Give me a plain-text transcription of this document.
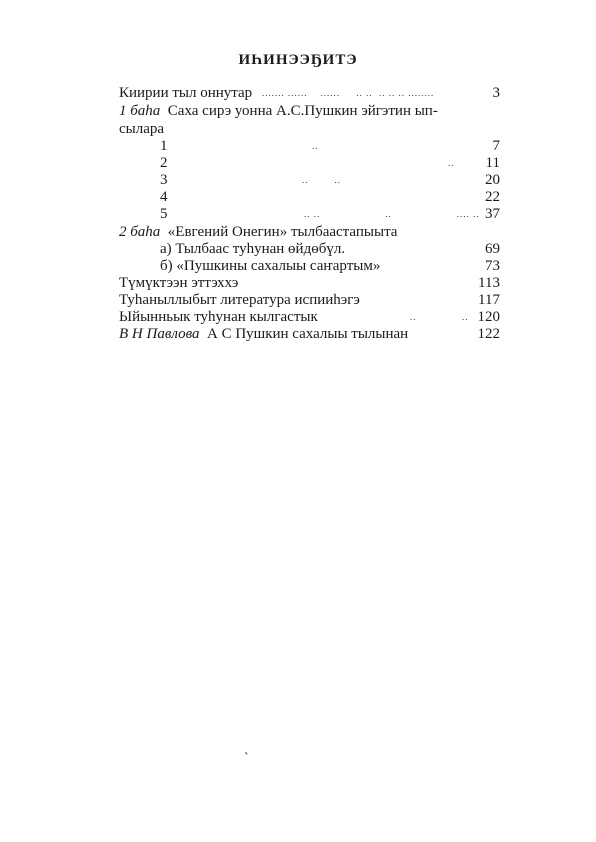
ИҺИНЭЭҔИТЭ
Киирии тыл оннутар ....... ......    ......     .. ..  .. .. .. ........	3
1 баһа Саха сирэ уонна А.С.Пушкин эйгэтин ып-
сылара
1	..	7
2	..	11
3	..        ..	20
4	22
5	.. ..                    ..                    .... .. 37
2 баһа «Евгений Онегин» тылбаастапыыта
а) Тылбаас туһунан өйдөбүл.	69
б) «Пушкины сахалыы саҥартым»	73
Түмүктээн эттэххэ	113
Туһаныллыбыт литература испииһэгэ	117
Ыйынньык туһунан кылгастык	..              .. 120
В Н Павлова А С Пушкин сахалыы тылынан	122
`
